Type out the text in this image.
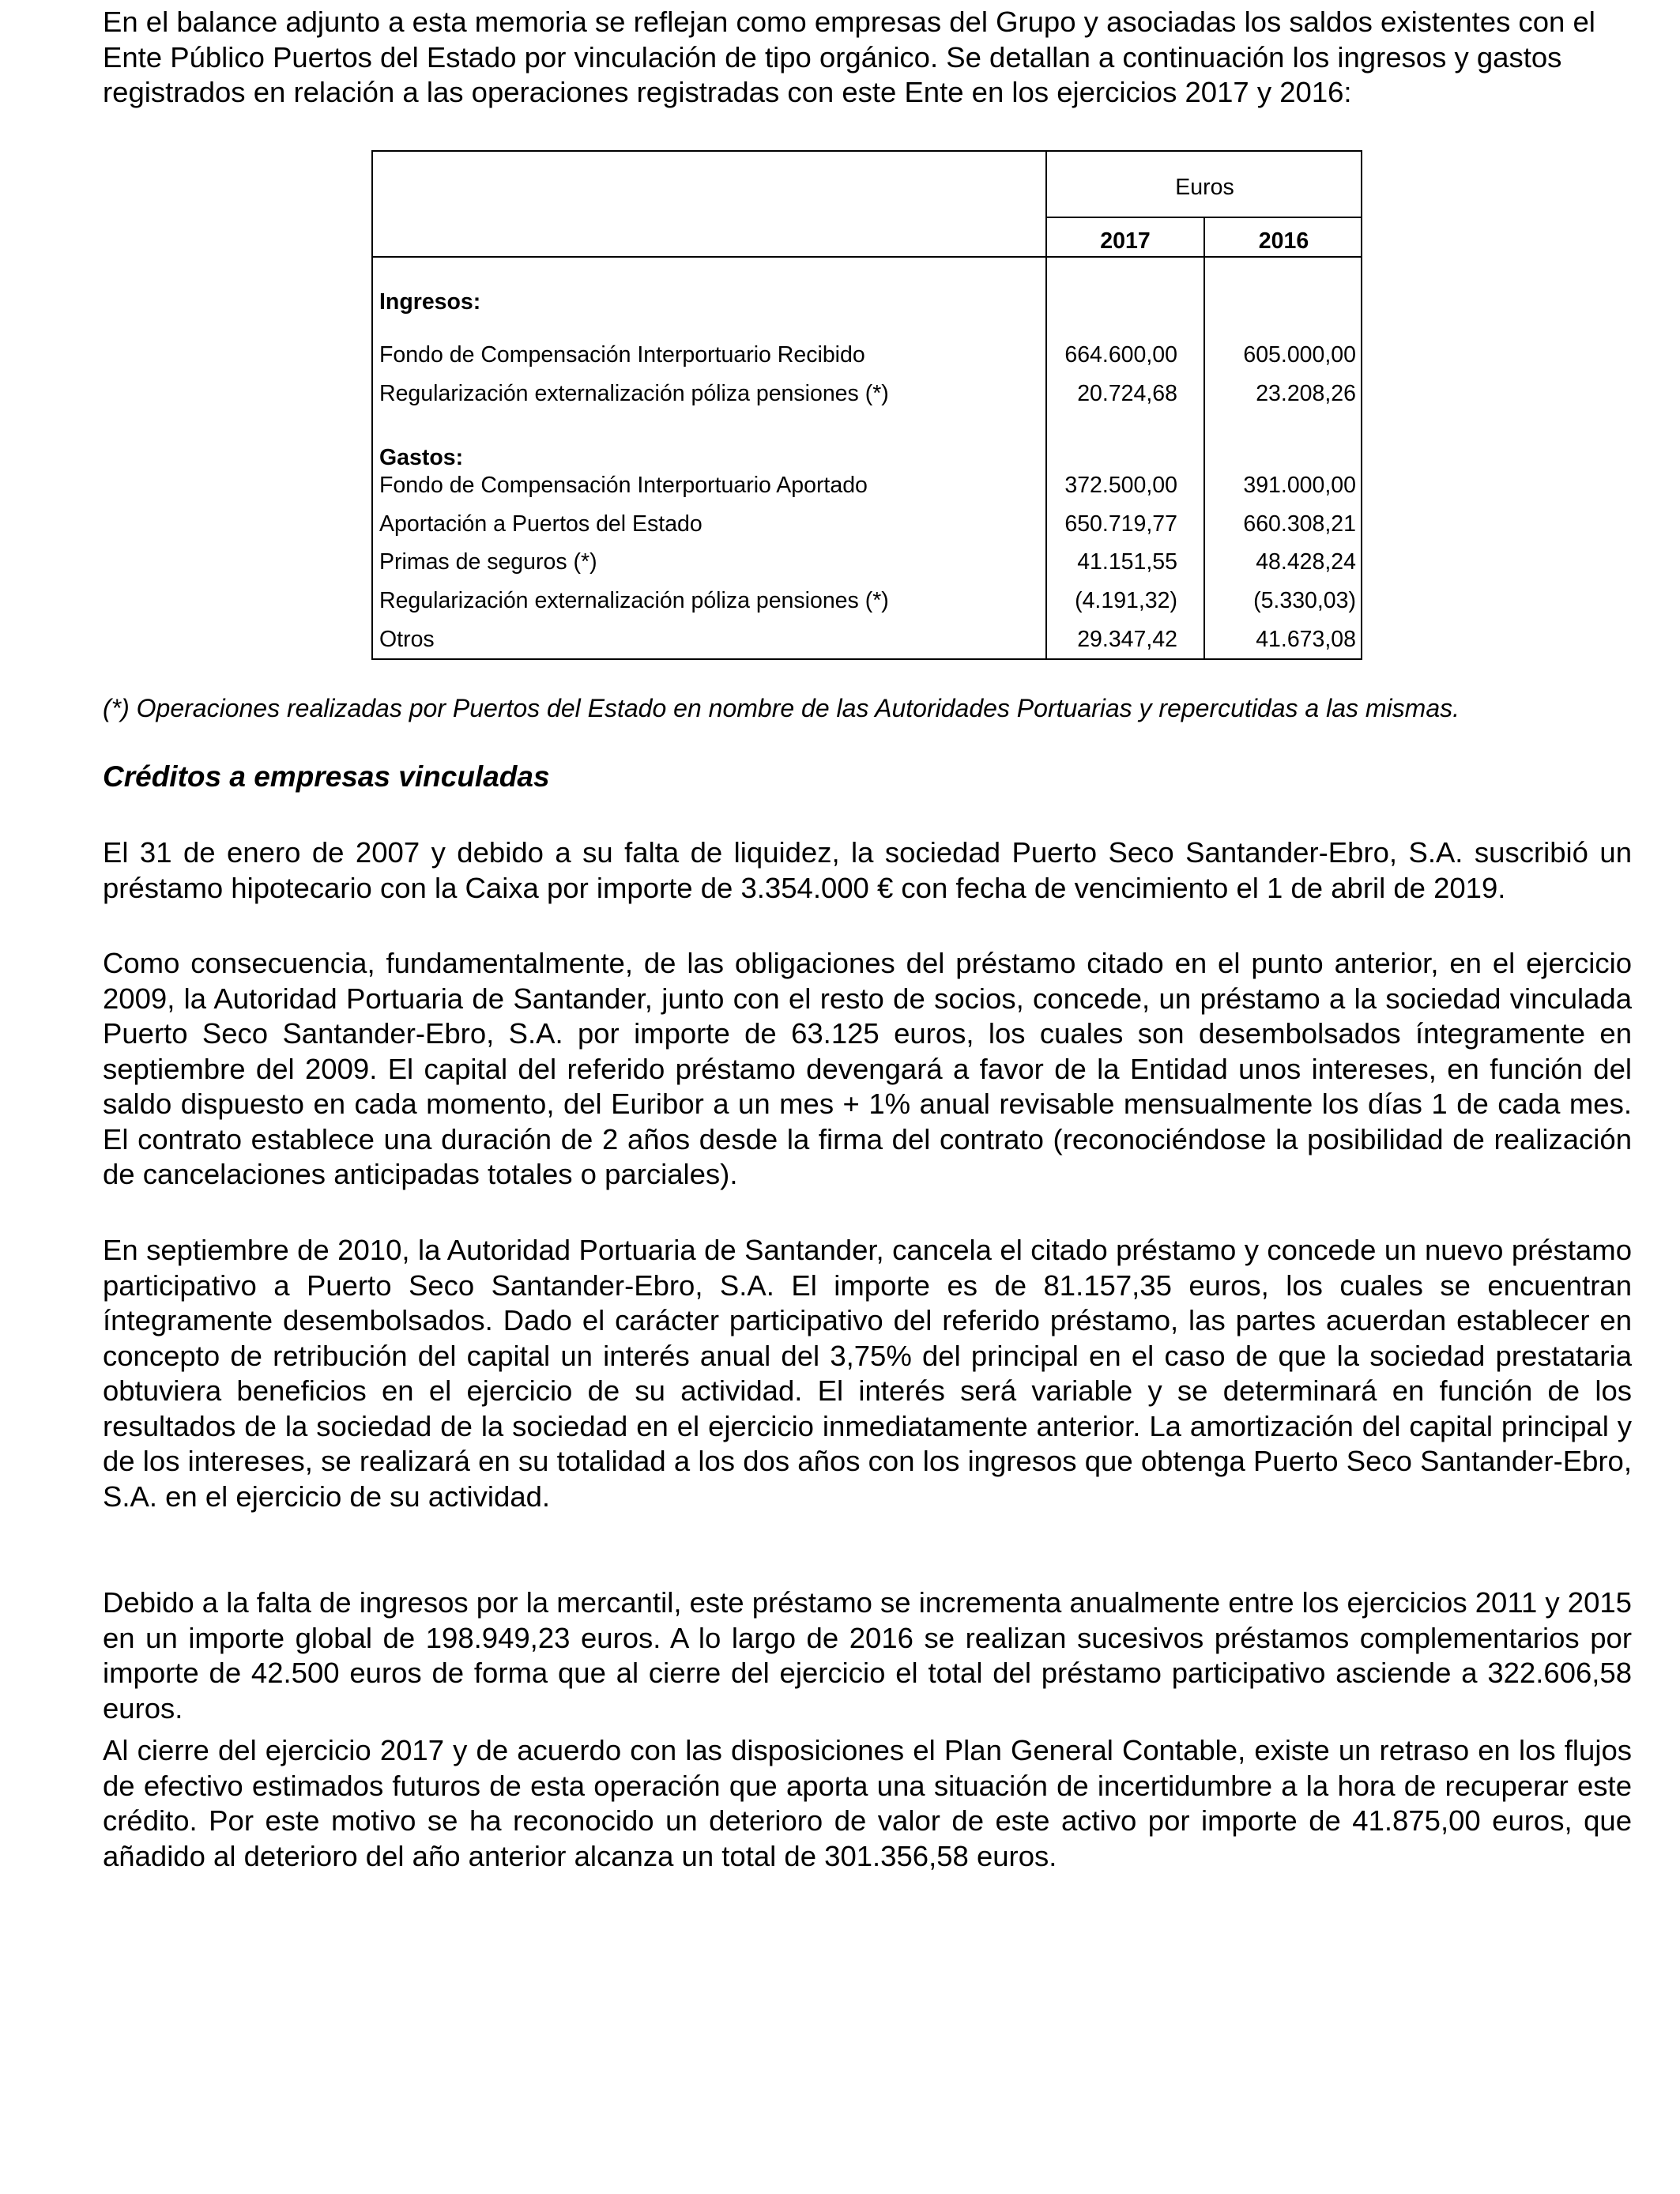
En el balance adjunto a esta memoria se reflejan como empresas del Grupo y asociadas los saldos existentes con el Ente Público Puertos del Estado por vinculación de tipo orgánico. Se detallan a continuación los ingresos y gastos registrados en relación a las operaciones registradas con este Ente en los ejercicios 2017 y 2016:

Euros
2017	2016
Ingresos:
Fondo de Compensación Interportuario Recibido	664.600,00	605.000,00
Regularización externalización póliza pensiones (*)	20.724,68	23.208,26
Gastos:
Fondo de Compensación Interportuario Aportado	372.500,00	391.000,00
Aportación a Puertos del Estado	650.719,77	660.308,21
Primas de seguros (*)	41.151,55	48.428,24
Regularización externalización póliza pensiones (*)	(4.191,32)	(5.330,03)
Otros	29.347,42	41.673,08

(*) Operaciones realizadas por Puertos del Estado en nombre de las Autoridades Portuarias y repercutidas a las mismas.

Créditos a empresas vinculadas

El 31 de enero de 2007 y debido a su falta de liquidez, la sociedad Puerto Seco Santander-Ebro, S.A. suscribió un préstamo hipotecario con la Caixa por importe de 3.354.000 € con fecha de vencimiento el 1 de abril de 2019.

Como consecuencia, fundamentalmente, de las obligaciones del préstamo citado en el punto anterior, en el ejercicio 2009, la Autoridad Portuaria de Santander, junto con el resto de socios, concede, un préstamo a la sociedad vinculada Puerto Seco Santander-Ebro, S.A. por importe de 63.125 euros, los cuales son desembolsados íntegramente en septiembre del 2009. El capital del referido préstamo devengará a favor de la Entidad unos intereses, en función del saldo dispuesto en cada momento, del Euribor a un mes + 1% anual revisable mensualmente los días 1 de cada mes. El contrato establece una duración de 2 años desde la firma del contrato (reconociéndose la posibilidad de realización de cancelaciones anticipadas totales o parciales).

En septiembre de 2010, la Autoridad Portuaria de Santander, cancela el citado préstamo y concede un nuevo préstamo participativo a Puerto Seco Santander-Ebro, S.A. El importe es de 81.157,35 euros, los cuales se encuentran íntegramente desembolsados. Dado el carácter participativo del referido préstamo, las partes acuerdan establecer en concepto de retribución del capital un interés anual del 3,75% del principal en el caso de que la sociedad prestataria obtuviera beneficios en el ejercicio de su actividad. El interés será variable y se determinará en función de los resultados de la sociedad de la sociedad en el ejercicio inmediatamente anterior. La amortización del capital principal y de los intereses, se realizará en su totalidad a los dos años con los ingresos que obtenga Puerto Seco Santander-Ebro, S.A. en el ejercicio de su actividad.

Debido a la falta de ingresos por la mercantil, este préstamo se incrementa anualmente entre los ejercicios 2011 y 2015 en un importe global de 198.949,23 euros. A lo largo de 2016 se realizan sucesivos préstamos complementarios por importe de 42.500 euros de forma que al cierre del ejercicio el total del préstamo participativo asciende a 322.606,58 euros.

Al cierre del ejercicio 2017 y de acuerdo con las disposiciones el Plan General Contable, existe un retraso en los flujos de efectivo estimados futuros de esta operación que aporta una situación de incertidumbre a la hora de recuperar este crédito. Por este motivo se ha reconocido un deterioro de valor de este activo por importe de 41.875,00 euros, que añadido al deterioro del año anterior alcanza un total de 301.356,58 euros.
